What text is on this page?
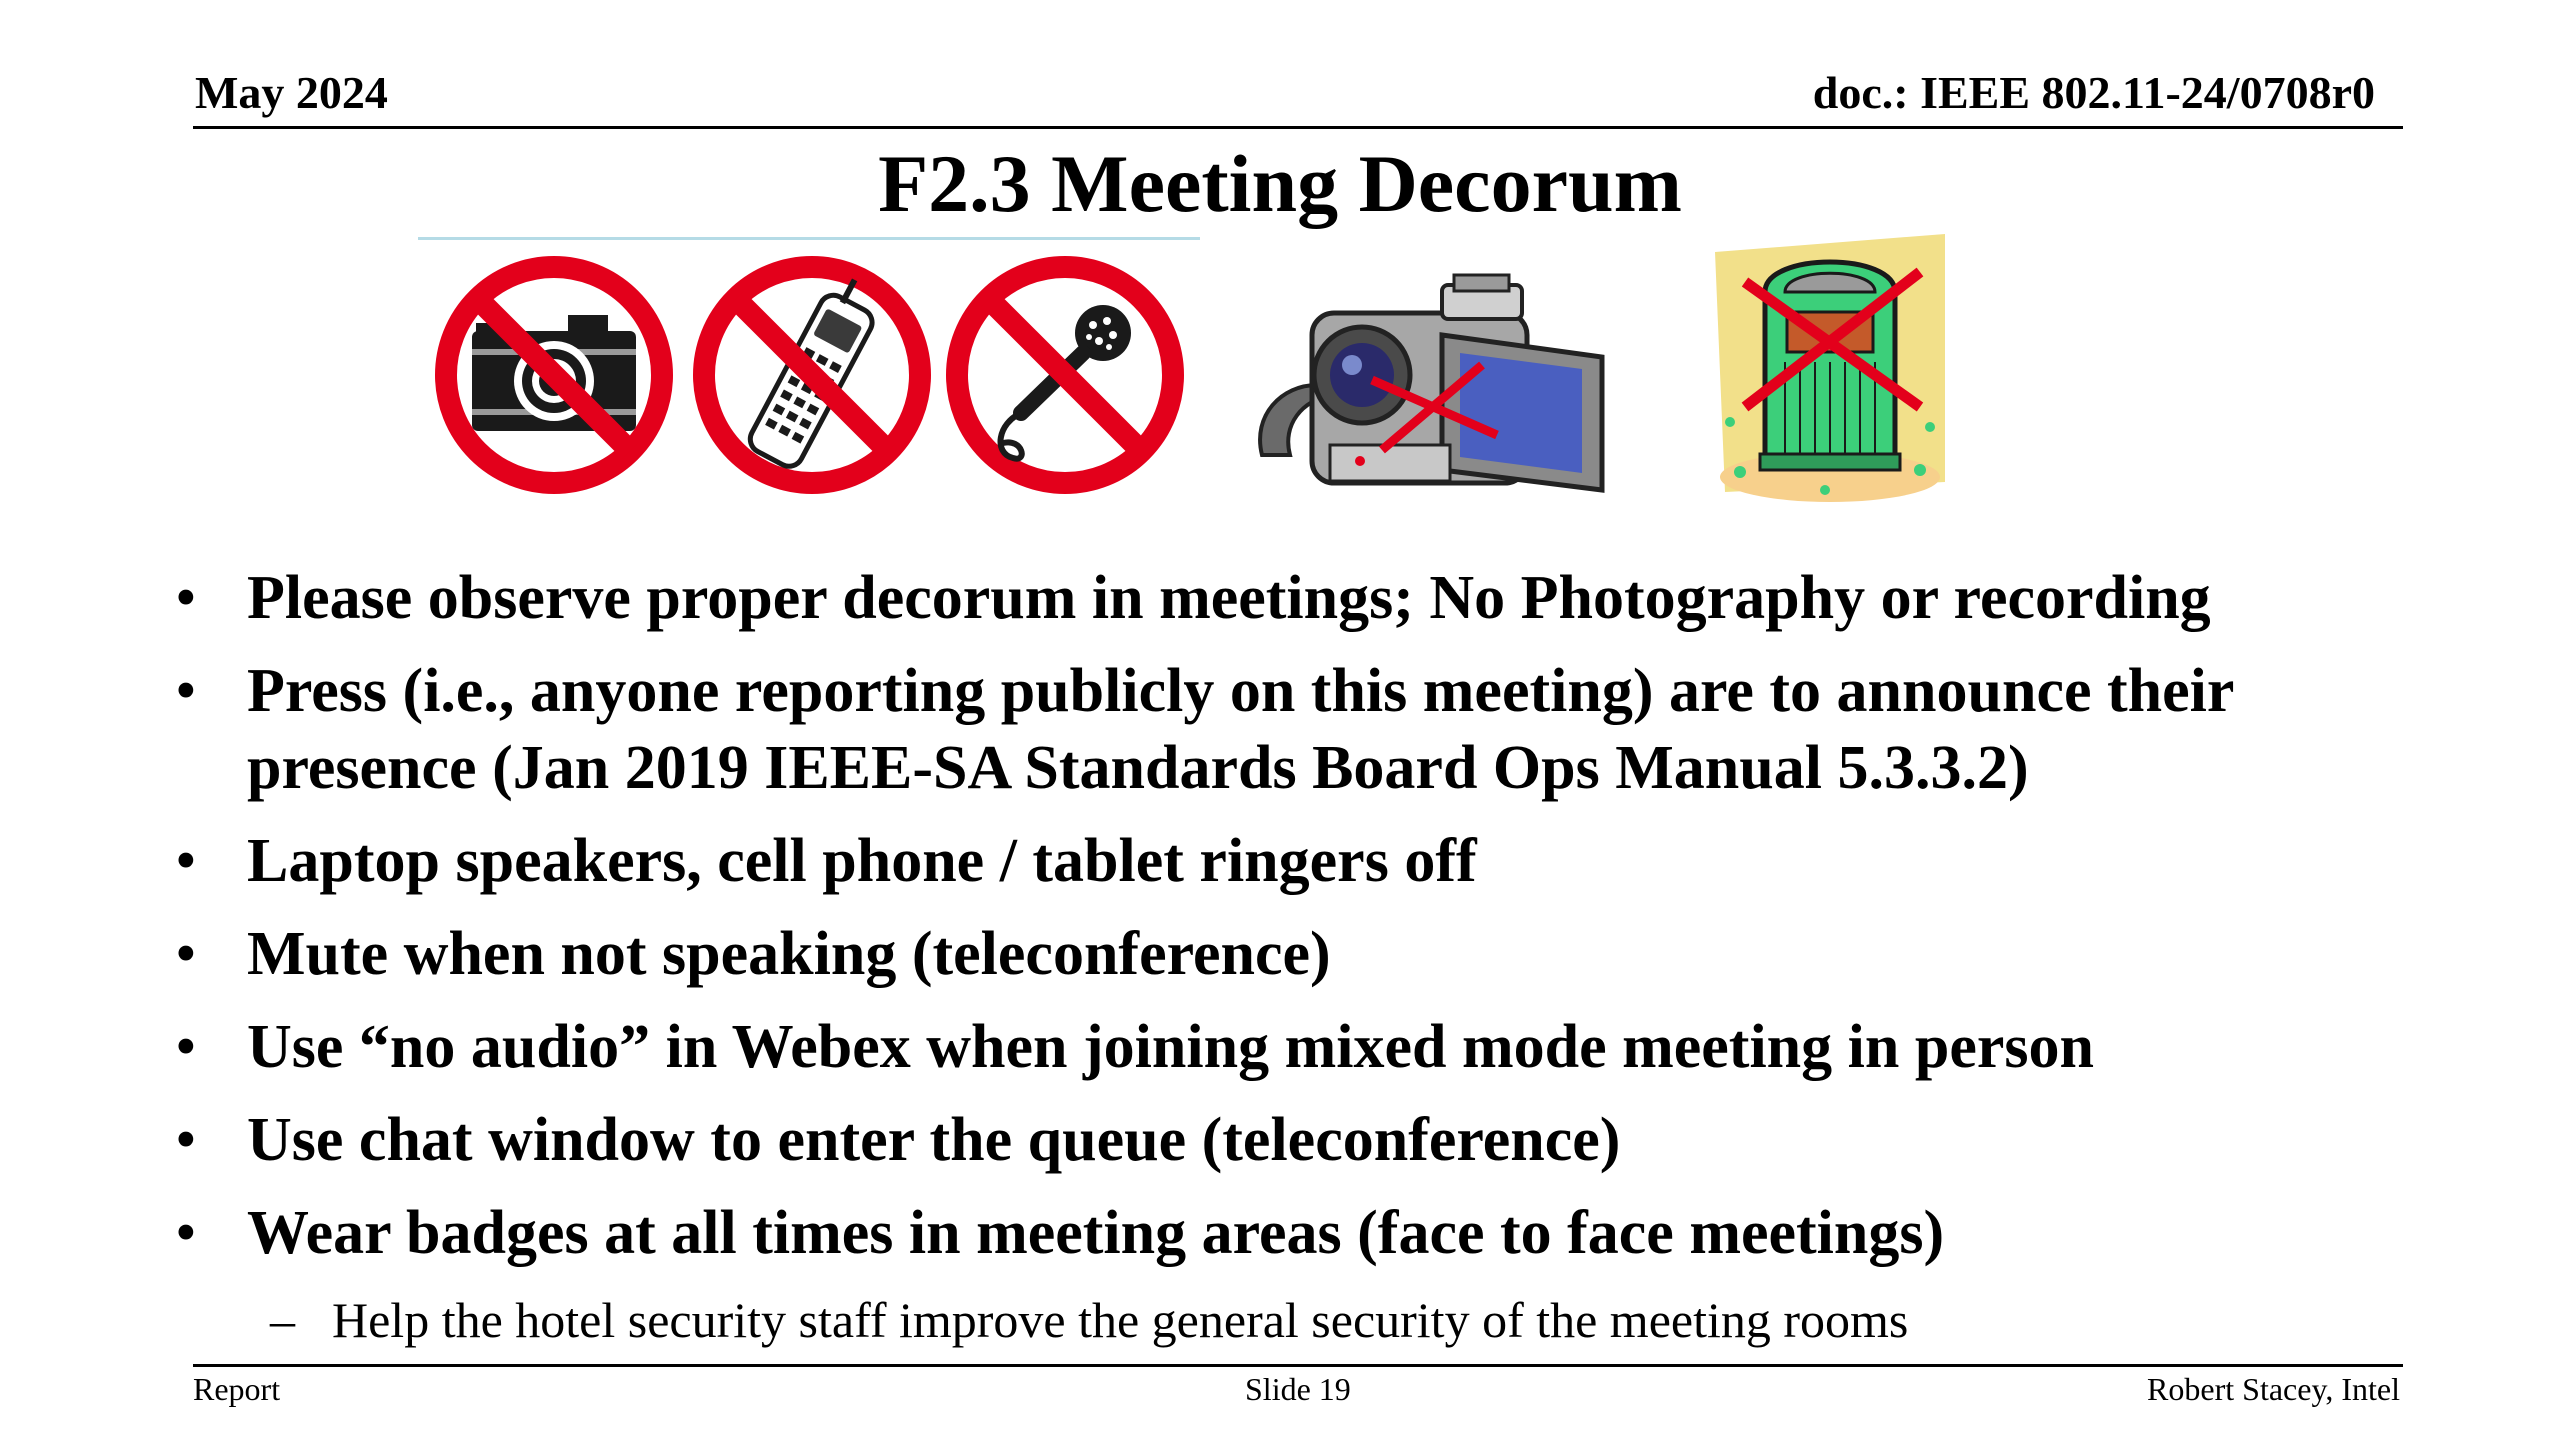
May 2024	doc.: IEEE 802.11-24/0708r0
F2.3 Meeting Decorum
• Please observe proper decorum in meetings; No Photography or recording
• Press (i.e., anyone reporting publicly on this meeting) are to announce their presence (Jan 2019 IEEE-SA Standards Board Ops Manual 5.3.3.2)
• Laptop speakers, cell phone / tablet ringers off
• Mute when not speaking (teleconference)
• Use “no audio” in Webex when joining mixed mode meeting in person
• Use chat window to enter the queue (teleconference)
• Wear badges at all times in meeting areas (face to face meetings)
– Help the hotel security staff improve the general security of the meeting rooms
Report	Slide 19	Robert Stacey, Intel
